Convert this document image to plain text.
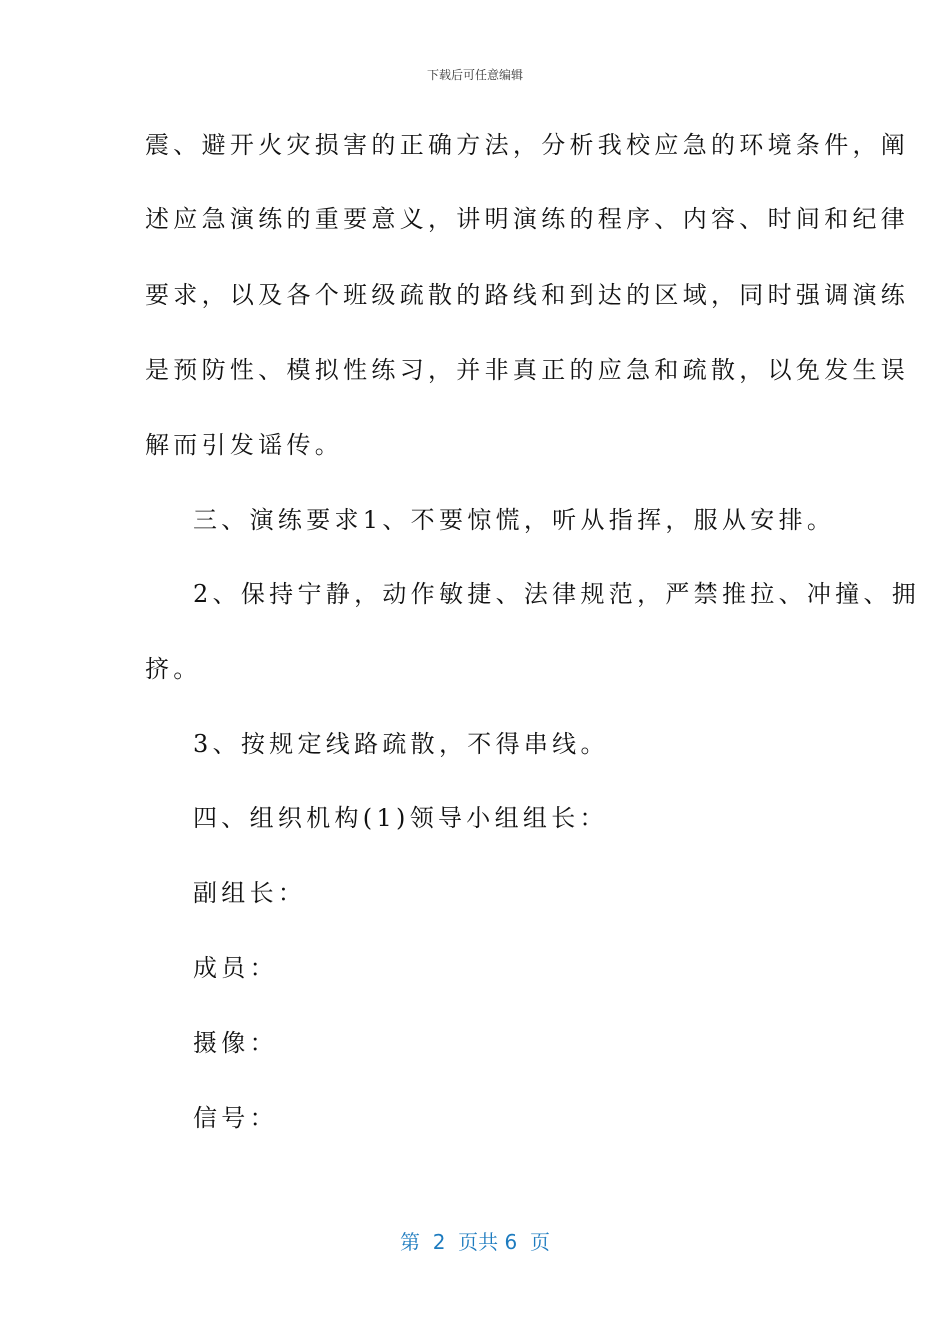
下载后可任意编辑
震、避开火灾损害的正确方法，分析我校应急的环境条件，阐
述应急演练的重要意义，讲明演练的程序、内容、时间和纪律
要求，以及各个班级疏散的路线和到达的区域，同时强调演练
是预防性、模拟性练习，并非真正的应急和疏散，以免发生误
解而引发谣传。
三、演练要求1、不要惊慌，听从指挥，服从安排。
2、保持宁静，动作敏捷、法律规范，严禁推拉、冲撞、拥
挤。
3、按规定线路疏散，不得串线。
四、组织机构(1)领导小组组长：
副组长：
成员：
摄像：
信号：
第  2  页共 6  页
